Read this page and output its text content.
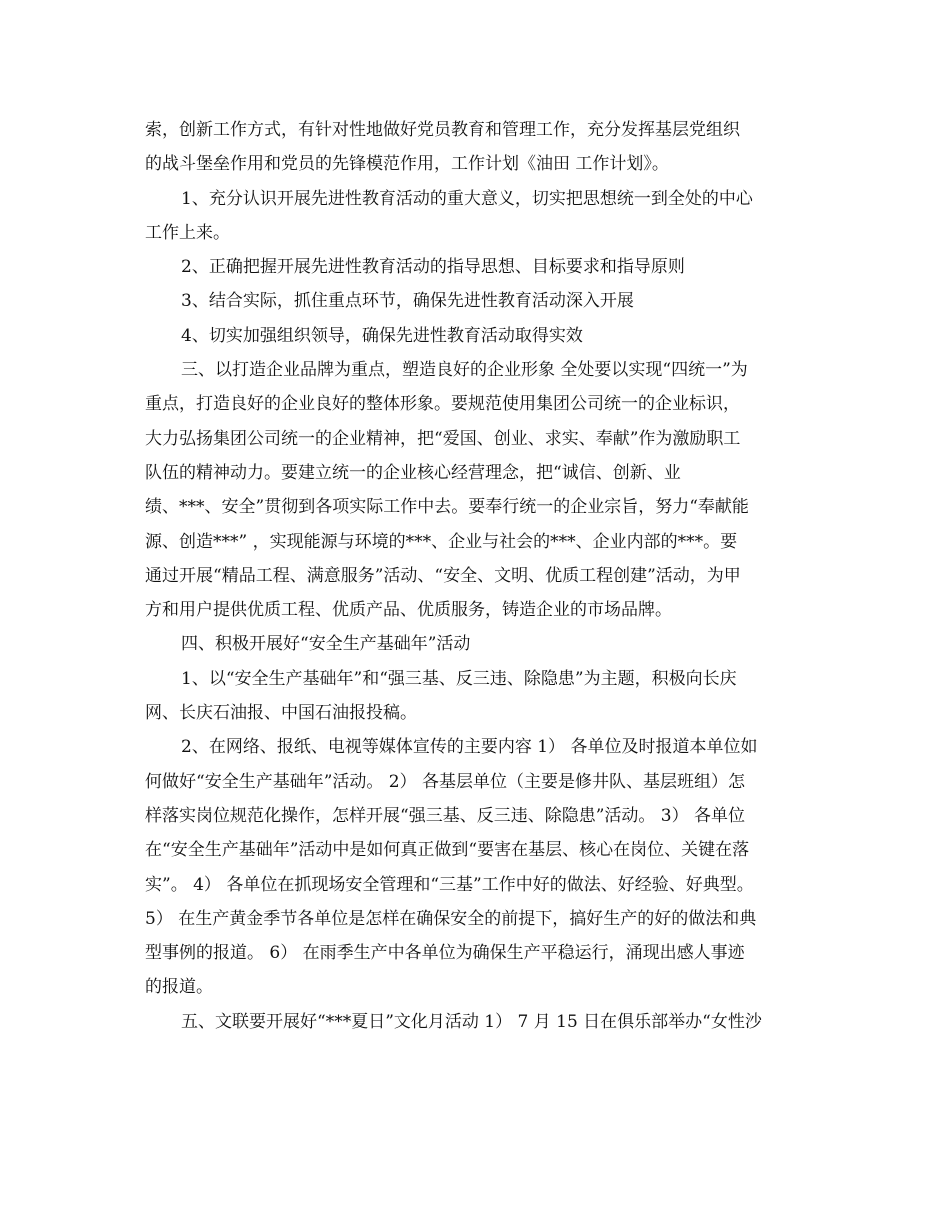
索，创新工作方式，有针对性地做好党员教育和管理工作，充分发挥基层党组织
的战斗堡垒作用和党员的先锋模范作用，工作计划《油田 工作计划》。
1、充分认识开展先进性教育活动的重大意义，切实把思想统一到全处的中心
工作上来。
2、正确把握开展先进性教育活动的指导思想、目标要求和指导原则
3、结合实际，抓住重点环节，确保先进性教育活动深入开展
4、切实加强组织领导，确保先进性教育活动取得实效
三、以打造企业品牌为重点，塑造良好的企业形象 全处要以实现“四统一”为
重点，打造良好的企业良好的整体形象。要规范使用集团公司统一的企业标识，
大力弘扬集团公司统一的企业精神，把“爱国、创业、求实、奉献”作为激励职工
队伍的精神动力。要建立统一的企业核心经营理念，把“诚信、创新、业
绩、***、安全”贯彻到各项实际工作中去。要奉行统一的企业宗旨，努力“奉献能
源、创造***” ，实现能源与环境的***、企业与社会的***、企业内部的***。要
通过开展“精品工程、满意服务”活动、“安全、文明、优质工程创建”活动，为甲
方和用户提供优质工程、优质产品、优质服务，铸造企业的市场品牌。
四、积极开展好“安全生产基础年”活动
1、以“安全生产基础年”和“强三基、反三违、除隐患”为主题，积极向长庆
网、长庆石油报、中国石油报投稿。
2、在网络、报纸、电视等媒体宣传的主要内容 1） 各单位及时报道本单位如
何做好“安全生产基础年”活动。 2） 各基层单位（主要是修井队、基层班组）怎
样落实岗位规范化操作，怎样开展“强三基、反三违、除隐患”活动。 3） 各单位
在“安全生产基础年”活动中是如何真正做到“要害在基层、核心在岗位、关键在落
实”。 4） 各单位在抓现场安全管理和“三基”工作中好的做法、好经验、好典型。
5） 在生产黄金季节各单位是怎样在确保安全的前提下，搞好生产的好的做法和典
型事例的报道。 6） 在雨季生产中各单位为确保生产平稳运行，涌现出感人事迹
的报道。
五、文联要开展好“***夏日”文化月活动 1） 7 月 15 日在俱乐部举办“女性沙
